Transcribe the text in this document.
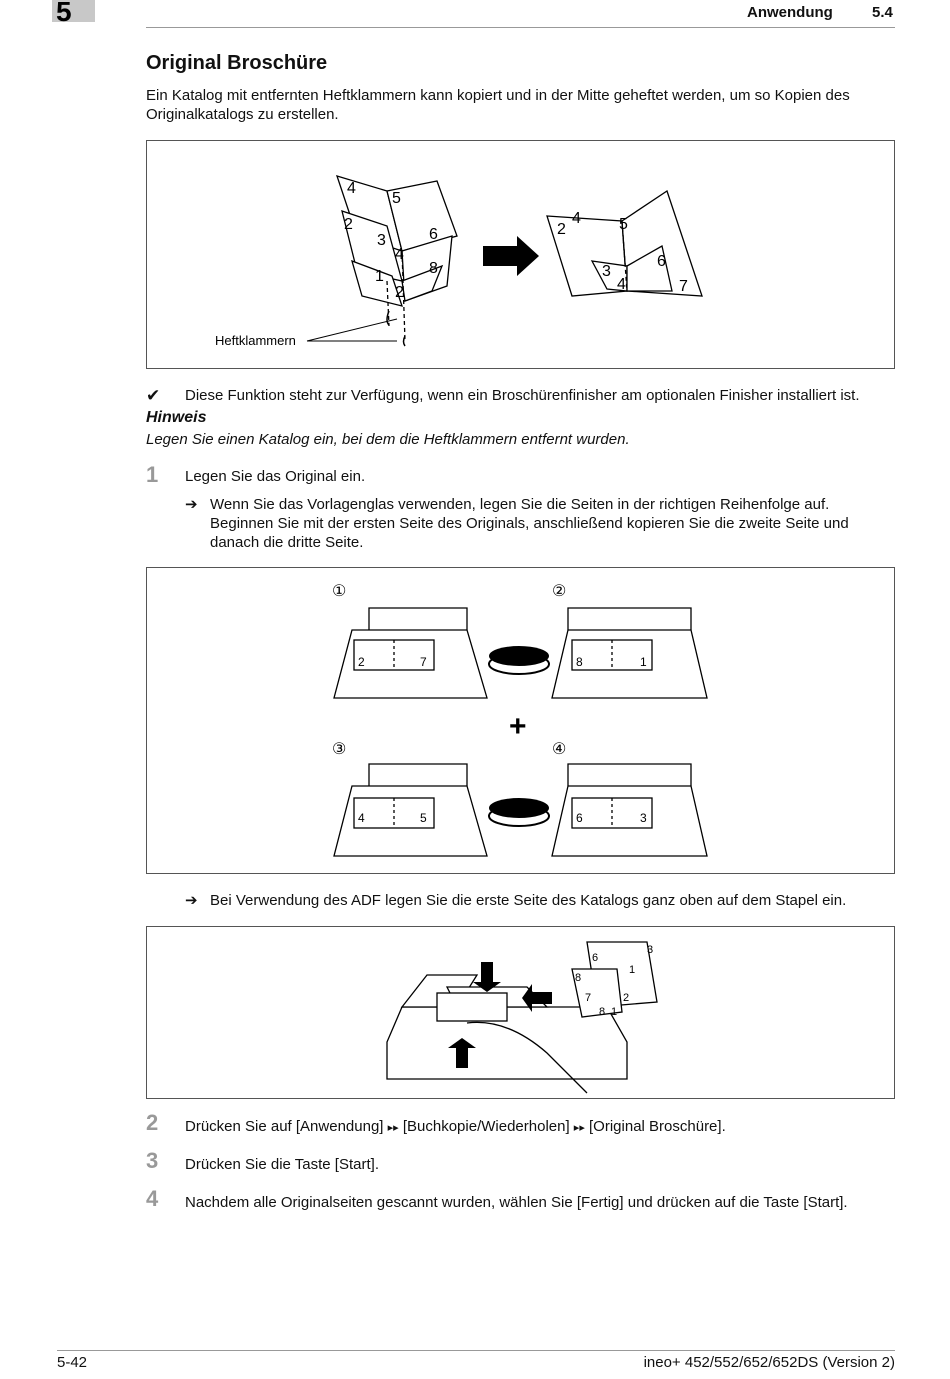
5	Anwendung	5.4
Original Broschüre
Ein Katalog mit entfernten Heftklammern kann kopiert und in der Mitte geheftet werden, um so Kopien des Originalkatalogs zu erstellen.
Heftklammern
4
5
2
3	6
4
1
2
8
2
4 5
3
6
4	7
✔ Diese Funktion steht zur Verfügung, wenn ein Broschürenfinisher am optionalen Finisher installiert ist.
Hinweis
Legen Sie einen Katalog ein, bei dem die Heftklammern entfernt wurden.
1 Legen Sie das Original ein.
➔ Wenn Sie das Vorlagenglas verwenden, legen Sie die Seiten in der richtigen Reihenfolge auf. Beginnen Sie mit der ersten Seite des Originals, anschließend kopieren Sie die zweite Seite und danach die dritte Seite.
①	②
③	④
+
2	7	8	1
4	5	6	3
➔ Bei Verwendung des ADF legen Sie die erste Seite des Katalogs ganz oben auf dem Stapel ein.
6
3
8
1
7
8 1
2
2 Drücken Sie auf [Anwendung] ▸▸ [Buchkopie/Wiederholen] ▸▸ [Original Broschüre].
3 Drücken Sie die Taste [Start].
4 Nachdem alle Originalseiten gescannt wurden, wählen Sie [Fertig] und drücken auf die Taste [Start].
5-42	ineo+ 452/552/652/652DS (Version 2)
